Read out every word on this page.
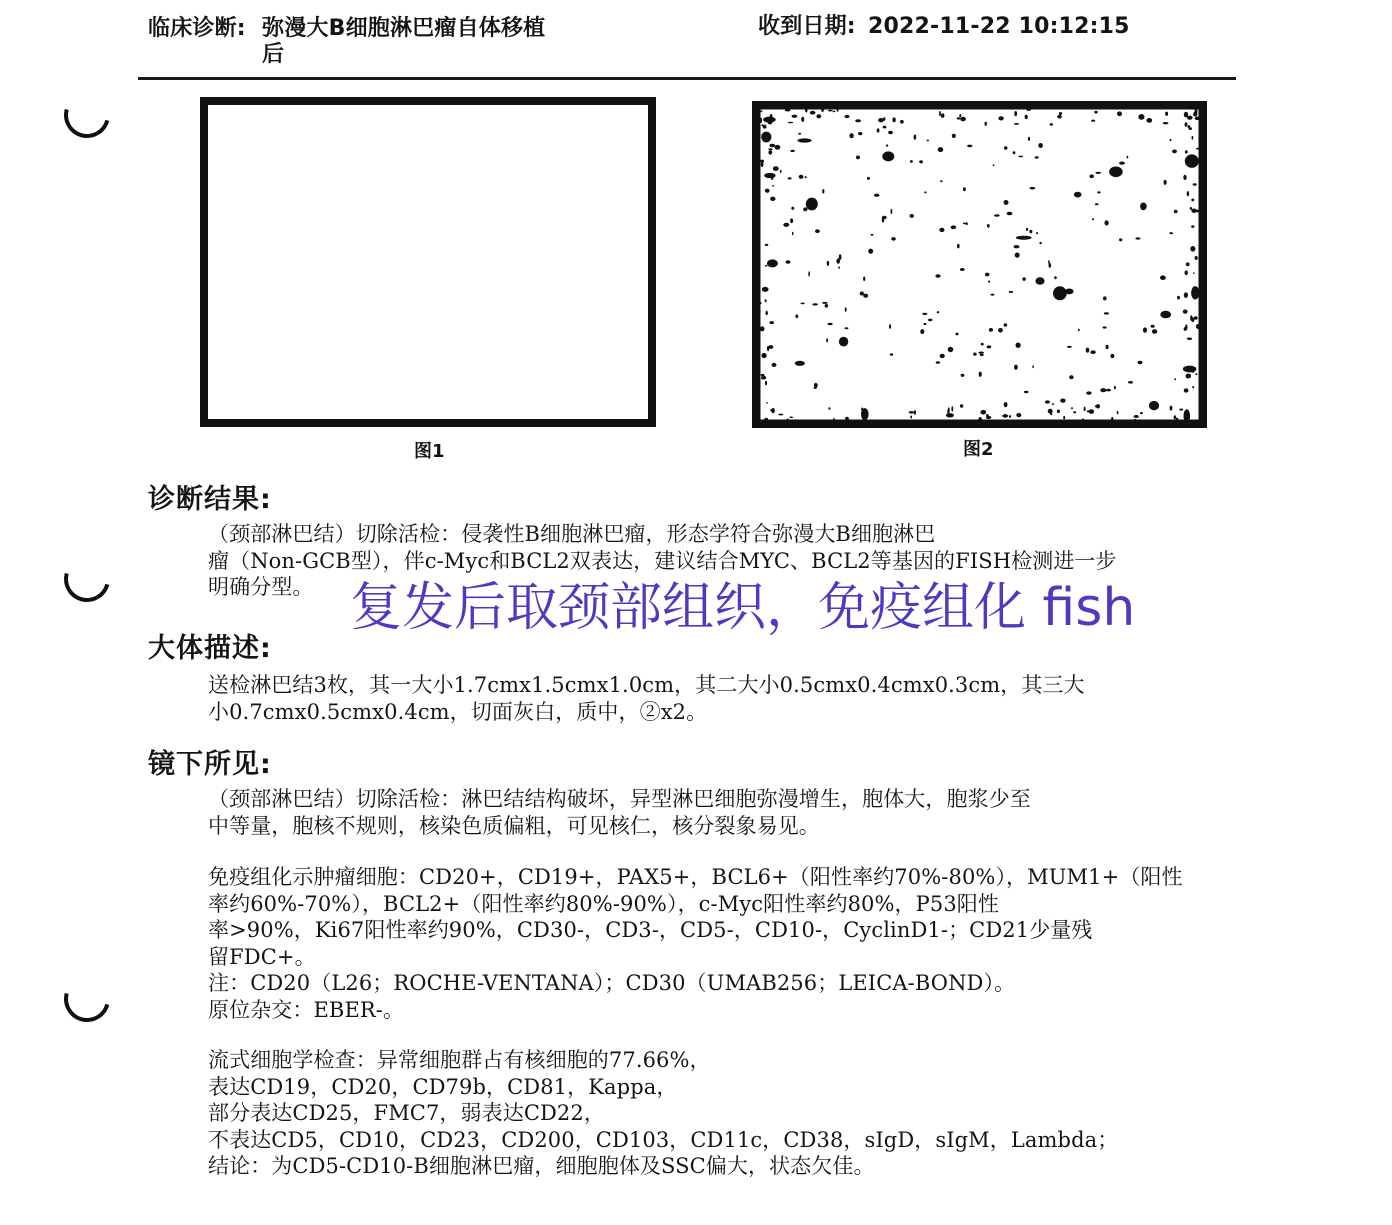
临床诊断: 弥漫大B细胞淋巴瘤自体移植
后
收到日期: 2022-11-22 10:12:15
图1	图2
诊断结果:
（颈部淋巴结）切除活检：侵袭性B细胞淋巴瘤，形态学符合弥漫大B细胞淋巴
瘤（Non-GCB型），伴c-Myc和BCL2双表达，建议结合MYC、BCL2等基因的FISH检测进一步
明确分型。 复发后取颈部组织，免疫组化 fish
大体描述:
送检淋巴结3枚，其一大小1.7cmx1.5cmx1.0cm，其二大小0.5cmx0.4cmx0.3cm，其三大
小0.7cmx0.5cmx0.4cm，切面灰白，质中，②x2。
镜下所见:
（颈部淋巴结）切除活检：淋巴结结构破坏，异型淋巴细胞弥漫增生，胞体大，胞浆少至
中等量，胞核不规则，核染色质偏粗，可见核仁，核分裂象易见。
免疫组化示肿瘤细胞：CD20+，CD19+，PAX5+，BCL6+（阳性率约70%-80%），MUM1+（阳性
率约60%-70%），BCL2+（阳性率约80%-90%），c-Myc阳性率约80%，P53阳性
率>90%，Ki67阳性率约90%，CD30-，CD3-，CD5-，CD10-，CyclinD1-；CD21少量残
留FDC+。
注：CD20（L26；ROCHE-VENTANA）；CD30（UMAB256；LEICA-BOND）。
原位杂交：EBER-。
流式细胞学检查：异常细胞群占有核细胞的77.66%，
表达CD19，CD20，CD79b，CD81，Kappa，
部分表达CD25，FMC7，弱表达CD22，
不表达CD5，CD10，CD23，CD200，CD103，CD11c，CD38，sIgD，sIgM，Lambda；
结论：为CD5-CD10-B细胞淋巴瘤，细胞胞体及SSC偏大，状态欠佳。
